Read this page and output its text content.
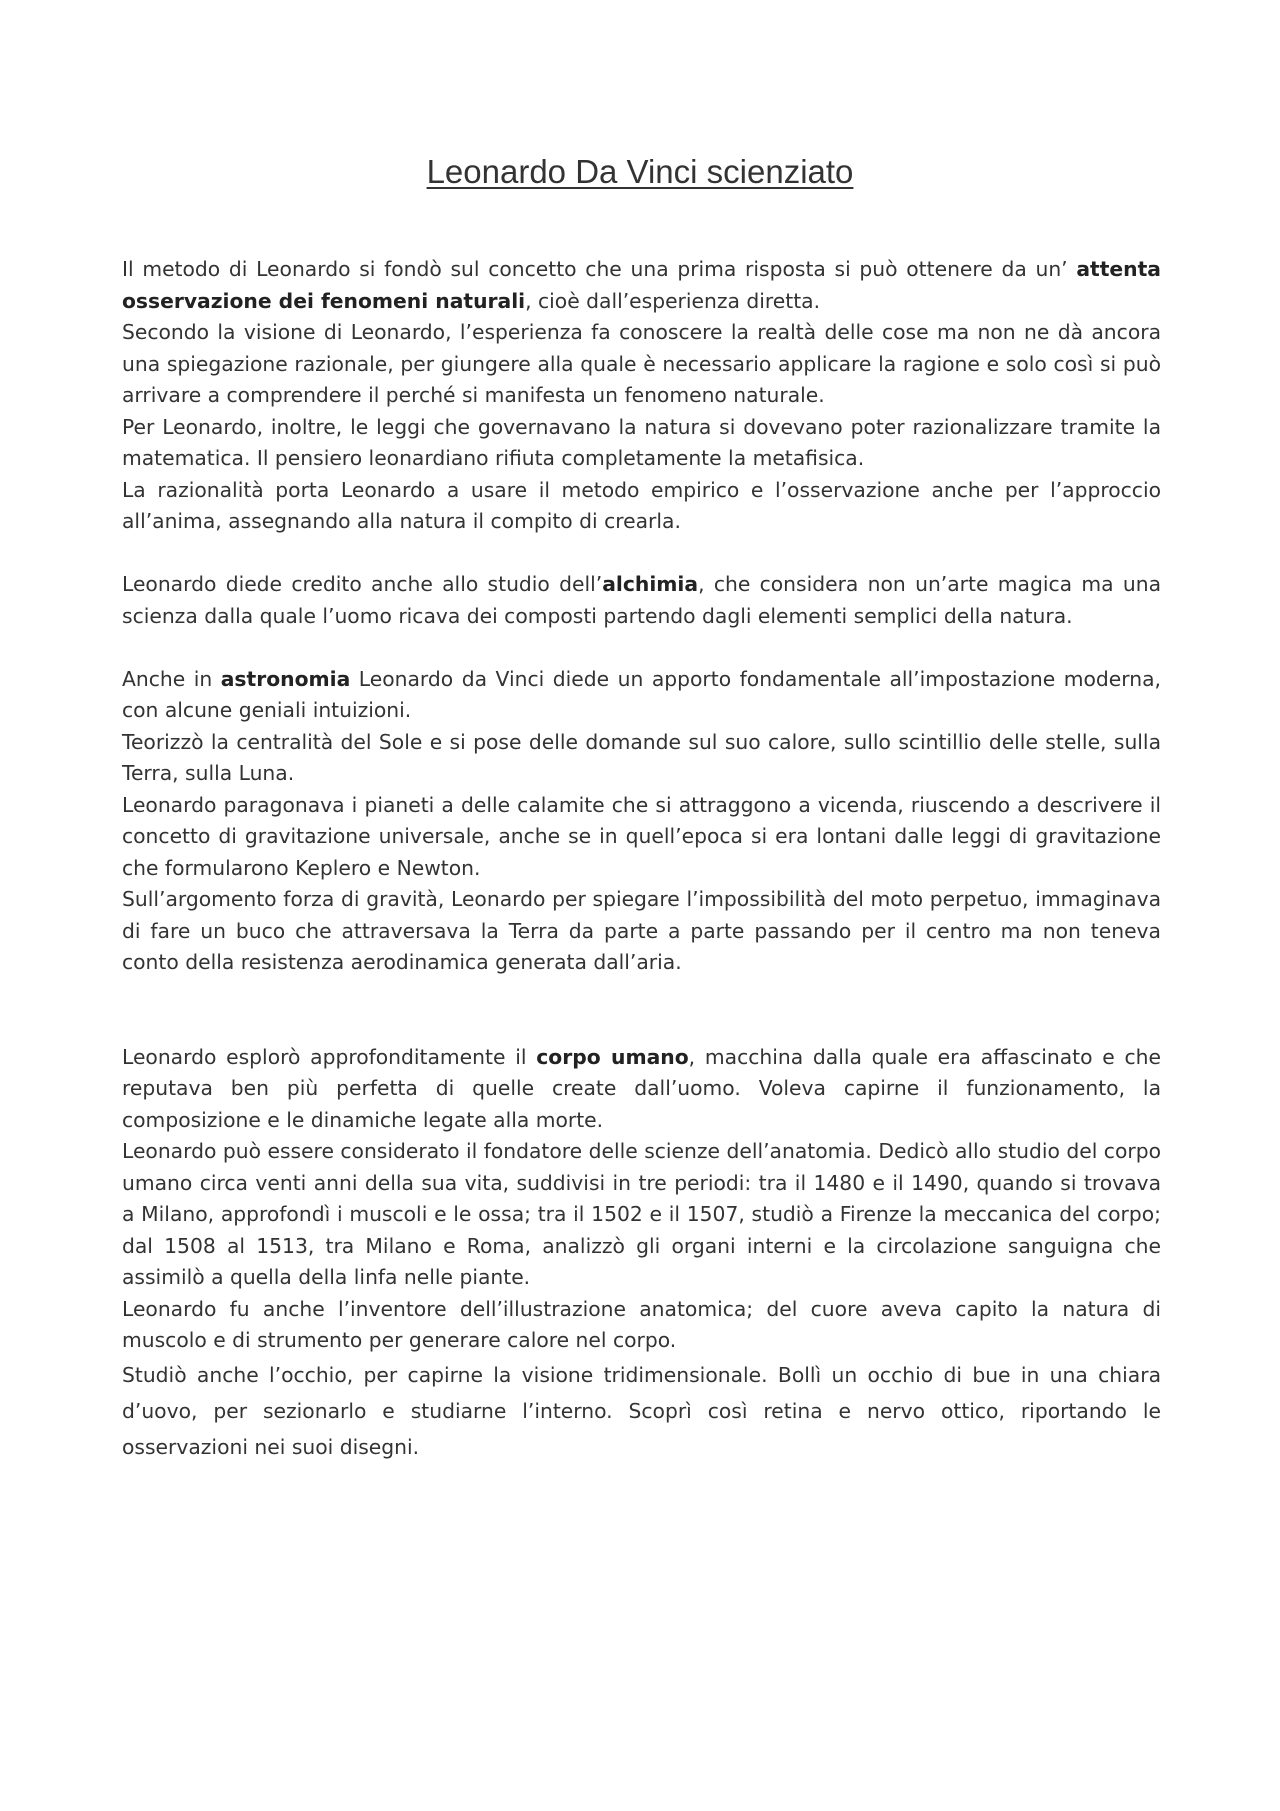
Leonardo Da Vinci scienziato

Il metodo di Leonardo si fondò sul concetto che una prima risposta si può ottenere da un’ attenta osservazione dei fenomeni naturali, cioè dall’esperienza diretta.

Secondo la visione di Leonardo, l’esperienza fa conoscere la realtà delle cose ma non ne dà ancora una spiegazione razionale, per giungere alla quale è necessario applicare la ragione e solo così si può arrivare a comprendere il perché si manifesta un fenomeno naturale.

Per Leonardo, inoltre, le leggi che governavano la natura si dovevano poter razionalizzare tramite la matematica. Il pensiero leonardiano rifiuta completamente la metafisica.

La razionalità porta Leonardo a usare il metodo empirico e l’osservazione anche per l’approccio all’anima, assegnando alla natura il compito di crearla.

Leonardo diede credito anche allo studio dell’alchimia, che considera non un’arte magica ma una scienza dalla quale l’uomo ricava dei composti partendo dagli elementi semplici della natura.

Anche in astronomia Leonardo da Vinci diede un apporto fondamentale all’impostazione moderna, con alcune geniali intuizioni.

Teorizzò la centralità del Sole e si pose delle domande sul suo calore, sullo scintillio delle stelle, sulla Terra, sulla Luna.

Leonardo paragonava i pianeti a delle calamite che si attraggono a vicenda, riuscendo a descrivere il concetto di gravitazione universale, anche se in quell’epoca si era lontani dalle leggi di gravitazione che formularono Keplero e Newton.

Sull’argomento forza di gravità, Leonardo per spiegare l’impossibilità del moto perpetuo, immaginava di fare un buco che attraversava la Terra da parte a parte passando per il centro ma non teneva conto della resistenza aerodinamica generata dall’aria.

Leonardo esplorò approfonditamente il corpo umano, macchina dalla quale era affascinato e che reputava ben più perfetta di quelle create dall’uomo. Voleva capirne il funzionamento, la composizione e le dinamiche legate alla morte.

Leonardo può essere considerato il fondatore delle scienze dell’anatomia. Dedicò allo studio del corpo umano circa venti anni della sua vita, suddivisi in tre periodi: tra il 1480 e il 1490, quando si trovava a Milano, approfondì i muscoli e le ossa; tra il 1502 e il 1507, studiò a Firenze la meccanica del corpo; dal 1508 al 1513, tra Milano e Roma, analizzò gli organi interni e la circolazione sanguigna che assimilò a quella della linfa nelle piante.

Leonardo fu anche l’inventore dell’illustrazione anatomica; del cuore aveva capito la natura di muscolo e di strumento per generare calore nel corpo.

Studiò anche l’occhio, per capirne la visione tridimensionale. Bollì un occhio di bue in una chiara d’uovo, per sezionarlo e studiarne l’interno. Scoprì così retina e nervo ottico, riportando le osservazioni nei suoi disegni.
